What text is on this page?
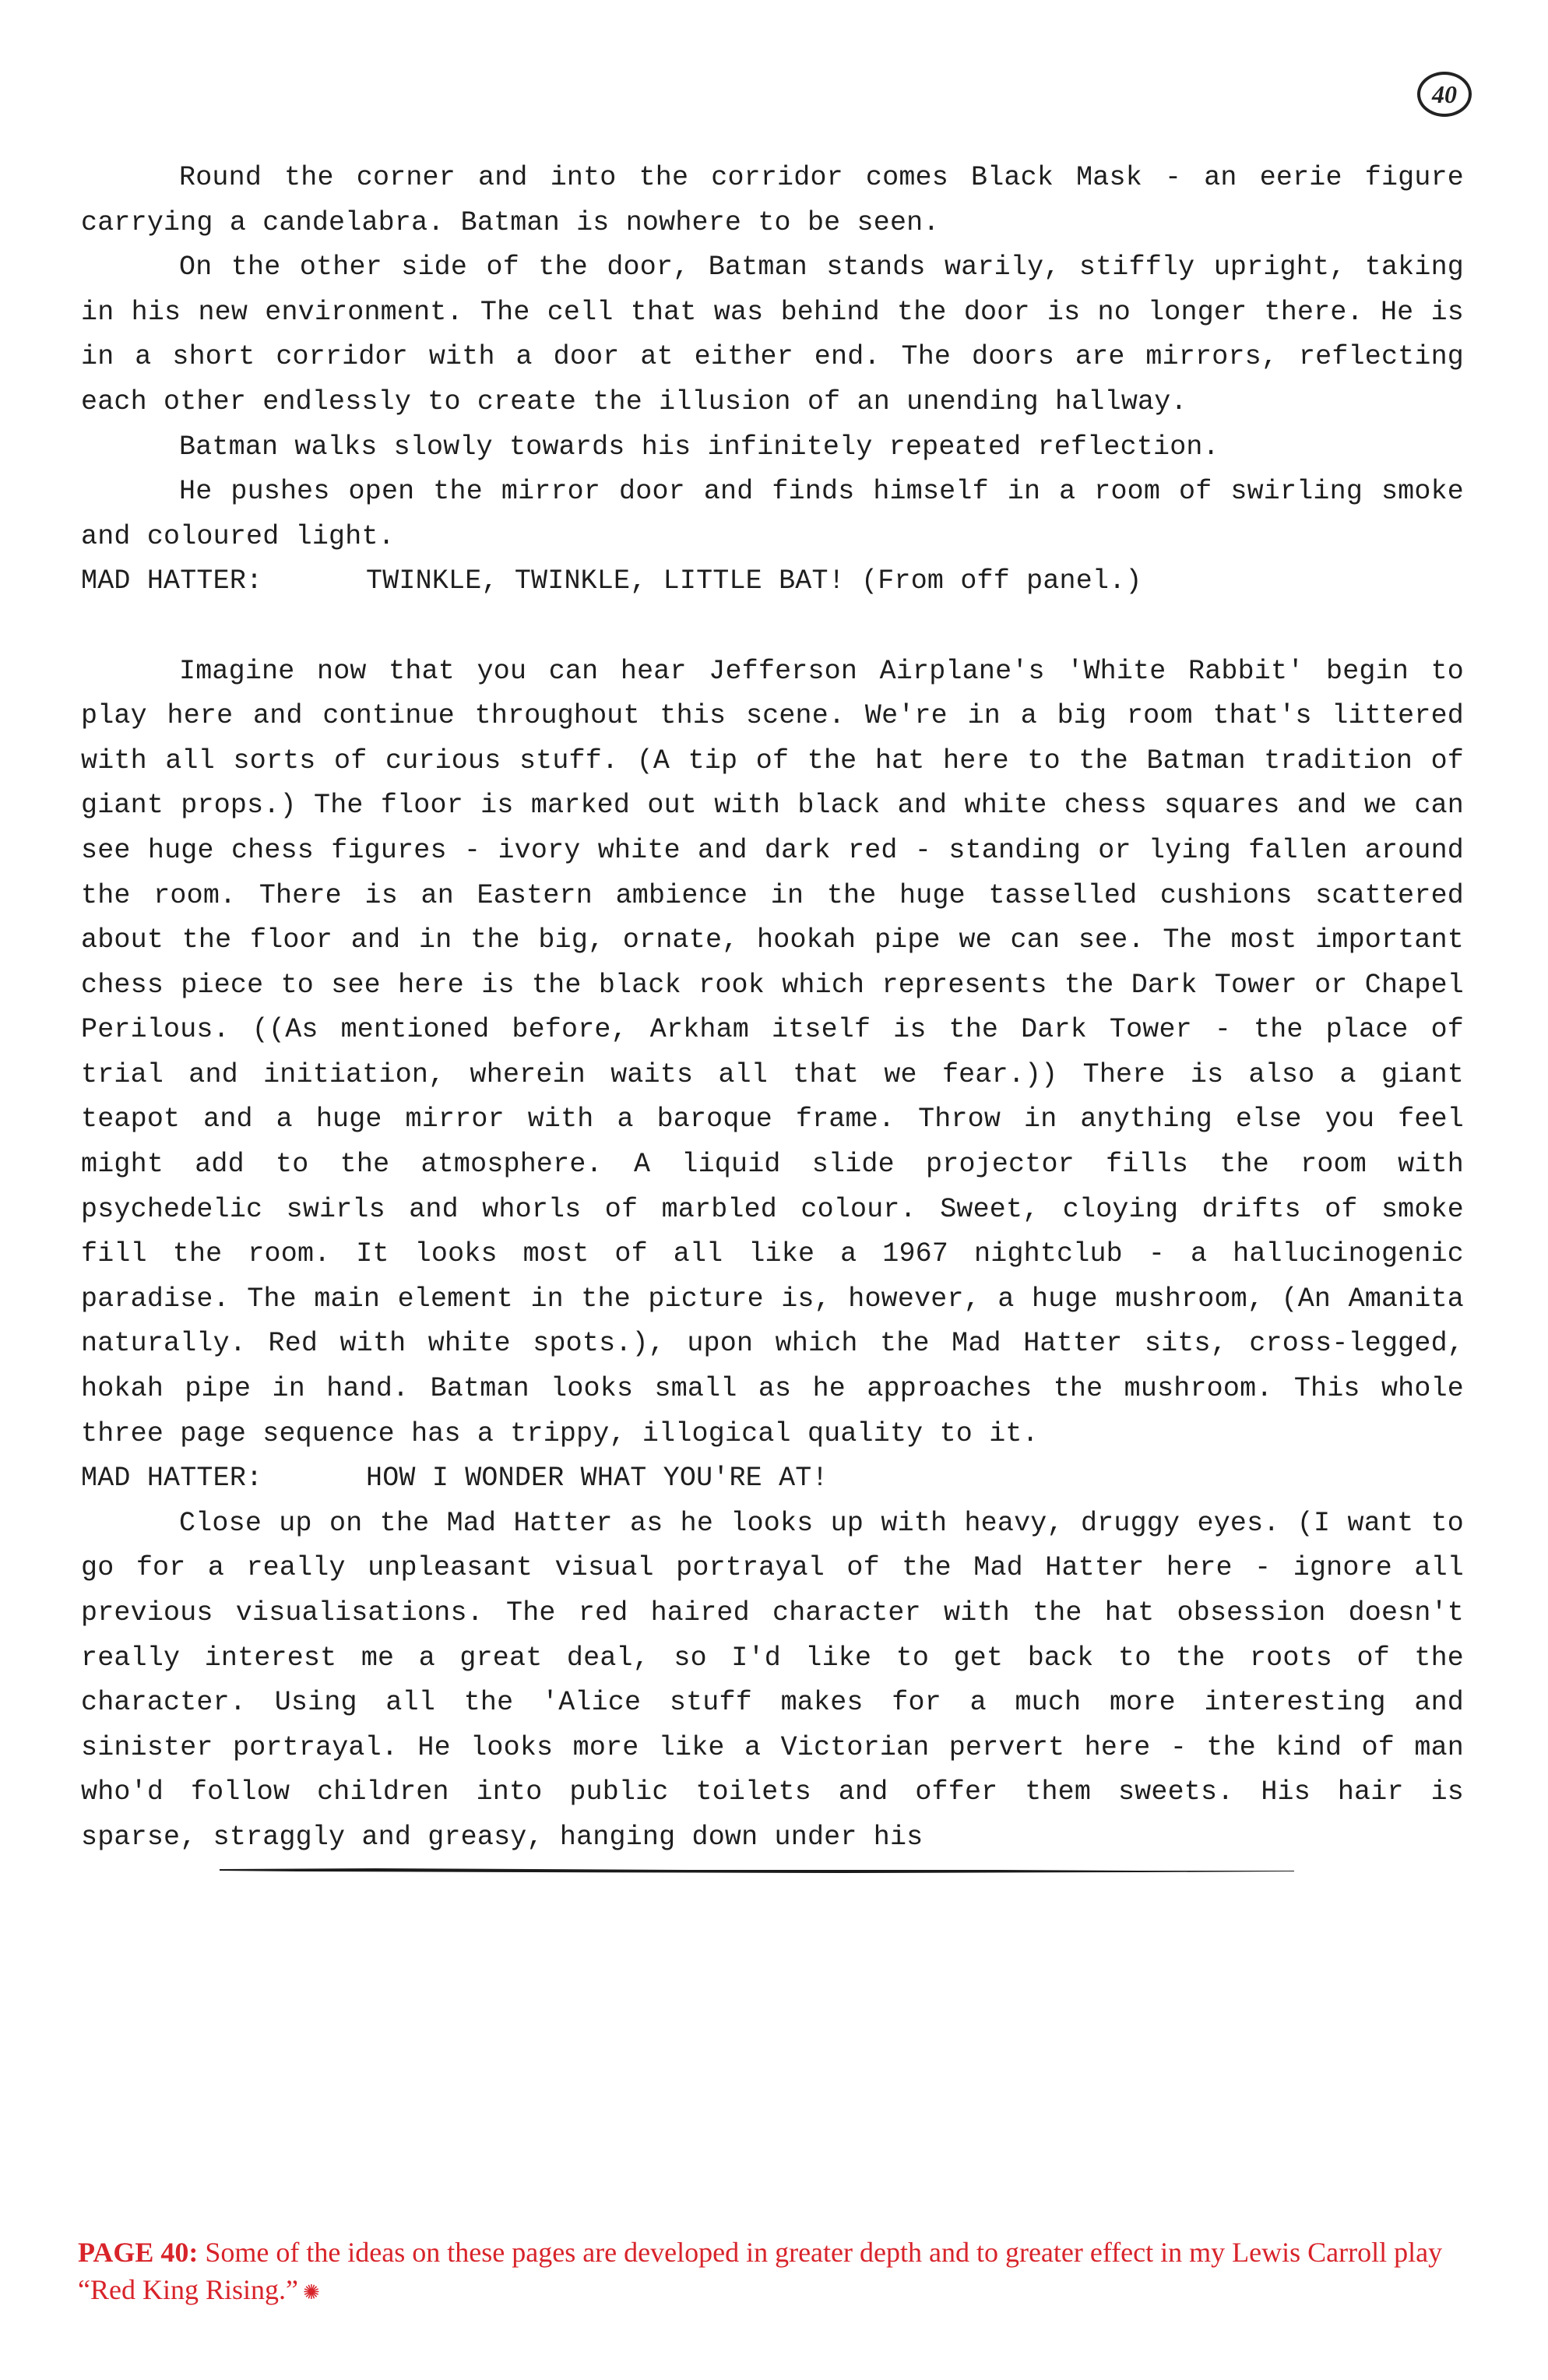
40

Round the corner and into the corridor comes Black Mask - an eerie figure carrying a candelabra. Batman is nowhere to be seen.

On the other side of the door, Batman stands warily, stiffly upright, taking in his new environment. The cell that was behind the door is no longer there. He is in a short corridor with a door at either end. The doors are mirrors, reflecting each other endlessly to create the illusion of an unending hallway.

Batman walks slowly towards his infinitely repeated reflection.

He pushes open the mirror door and finds himself in a room of swirling smoke and coloured light.

MAD HATTER:	TWINKLE, TWINKLE, LITTLE BAT! (From off panel.)

Imagine now that you can hear Jefferson Airplane's 'White Rabbit' begin to play here and continue throughout this scene. We're in a big room that's littered with all sorts of curious stuff. (A tip of the hat here to the Batman tradition of giant props.) The floor is marked out with black and white chess squares and we can see huge chess figures - ivory white and dark red - standing or lying fallen around the room. There is an Eastern ambience in the huge tasselled cushions scattered about the floor and in the big, ornate, hookah pipe we can see. The most important chess piece to see here is the black rook which represents the Dark Tower or Chapel Perilous. ((As mentioned before, Arkham itself is the Dark Tower - the place of trial and initiation, wherein waits all that we fear.)) There is also a giant teapot and a huge mirror with a baroque frame. Throw in anything else you feel might add to the atmosphere. A liquid slide projector fills the room with psychedelic swirls and whorls of marbled colour. Sweet, cloying drifts of smoke fill the room. It looks most of all like a 1967 nightclub - a hallucinogenic paradise. The main element in the picture is, however, a huge mushroom, (An Amanita naturally. Red with white spots.), upon which the Mad Hatter sits, cross-legged, hokah pipe in hand. Batman looks small as he approaches the mushroom. This whole three page sequence has a trippy, illogical quality to it.

MAD HATTER:	HOW I WONDER WHAT YOU'RE AT!

Close up on the Mad Hatter as he looks up with heavy, druggy eyes. (I want to go for a really unpleasant visual portrayal of the Mad Hatter here - ignore all previous visualisations. The red haired character with the hat obsession doesn't really interest me a great deal, so I'd like to get back to the roots of the character. Using all the 'Alice stuff makes for a much more interesting and sinister portrayal. He looks more like a Victorian pervert here - the kind of man who'd follow children into public toilets and offer them sweets. His hair is sparse, straggly and greasy, hanging down under his

PAGE 40: Some of the ideas on these pages are developed in greater depth and to greater effect in my Lewis Carroll play “Red King Rising.” ✺
